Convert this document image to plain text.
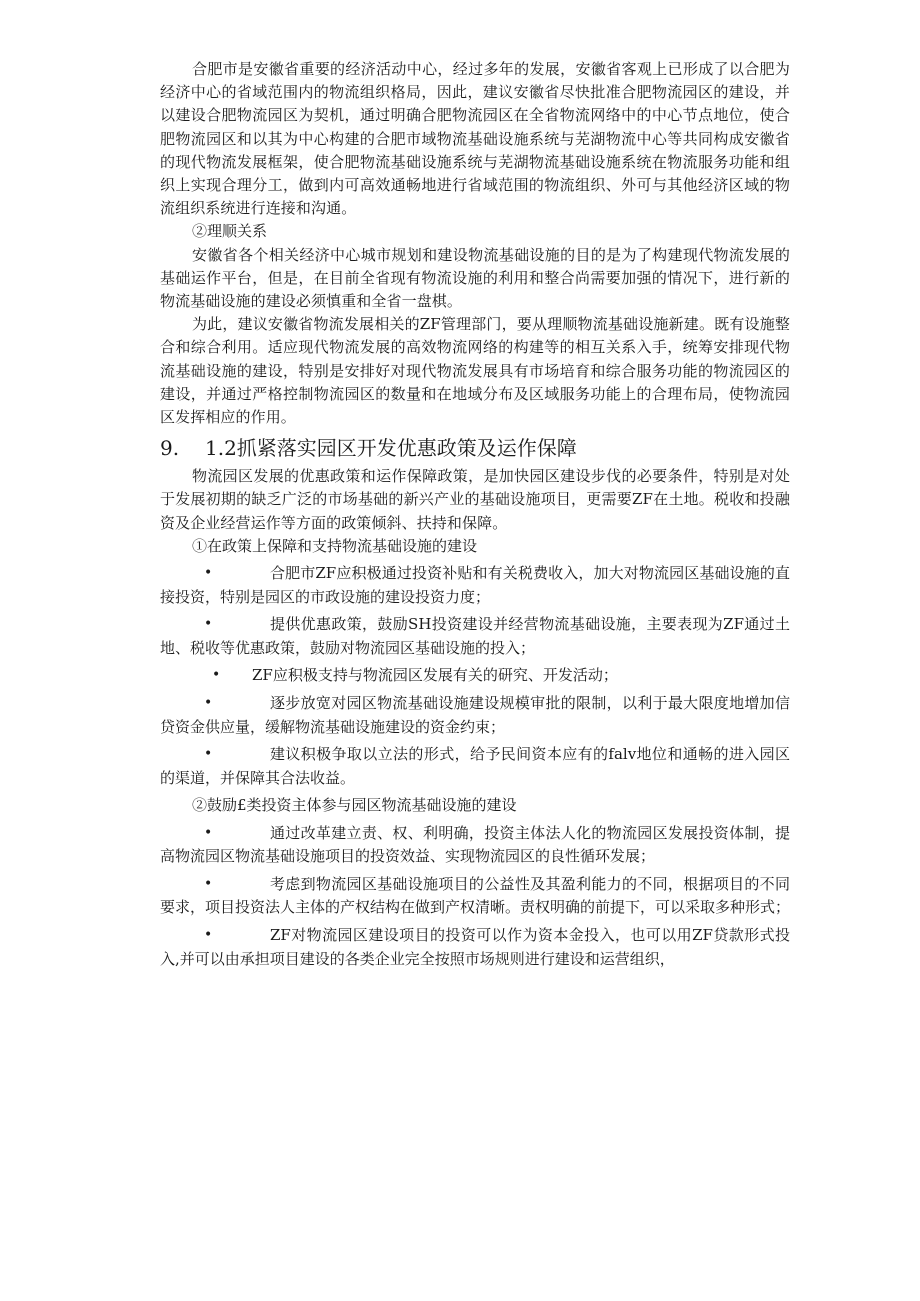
合肥市是安徽省重要的经济活动中心，经过多年的发展，安徽省客观上已形成了以合肥为经济中心的省域范围内的物流组织格局，因此，建议安徽省尽快批准合肥物流园区的建设，并以建设合肥物流园区为契机，通过明确合肥物流园区在全省物流网络中的中心节点地位，使合肥物流园区和以其为中心构建的合肥市域物流基础设施系统与芜湖物流中心等共同构成安徽省的现代物流发展框架，使合肥物流基础设施系统与芜湖物流基础设施系统在物流服务功能和组织上实现合理分工，做到内可高效通畅地进行省域范围的物流组织、外可与其他经济区域的物流组织系统进行连接和沟通。

②理顺关系

安徽省各个相关经济中心城市规划和建设物流基础设施的目的是为了构建现代物流发展的基础运作平台，但是，在目前全省现有物流设施的利用和整合尚需要加强的情况下，进行新的物流基础设施的建设必须慎重和全省一盘棋。

为此，建议安徽省物流发展相关的ZF管理部门，要从理顺物流基础设施新建。既有设施整合和综合利用。适应现代物流发展的高效物流网络的构建等的相互关系入手，统筹安排现代物流基础设施的建设，特别是安排好对现代物流发展具有市场培育和综合服务功能的物流园区的建设，并通过严格控制物流园区的数量和在地域分布及区域服务功能上的合理布局，使物流园区发挥相应的作用。

9.	1.2抓紧落实园区开发优惠政策及运作保障

物流园区发展的优惠政策和运作保障政策，是加快园区建设步伐的必要条件，特别是对处于发展初期的缺乏广泛的市场基础的新兴产业的基础设施项目，更需要ZF在土地。税收和投融资及企业经营运作等方面的政策倾斜、扶持和保障。

①在政策上保障和支持物流基础设施的建设

•	合肥市ZF应积极通过投资补贴和有关税费收入，加大对物流园区基础设施的直接投资，特别是园区的市政设施的建设投资力度；
•	提供优惠政策，鼓励SH投资建设并经营物流基础设施，主要表现为ZF通过土地、税收等优惠政策，鼓励对物流园区基础设施的投入；
• ZF应积极支持与物流园区发展有关的研究、开发活动；
•	逐步放宽对园区物流基础设施建设规模审批的限制，以利于最大限度地增加信贷资金供应量，缓解物流基础设施建设的资金约束；
•	建议积极争取以立法的形式，给予民间资本应有的falv地位和通畅的进入园区的渠道，并保障其合法收益。

②鼓励£类投资主体参与园区物流基础设施的建设

•	通过改革建立责、权、利明确，投资主体法人化的物流园区发展投资体制，提高物流园区物流基础设施项目的投资效益、实现物流园区的良性循环发展；
•	考虑到物流园区基础设施项目的公益性及其盈利能力的不同，根据项目的不同要求，项目投资法人主体的产权结构在做到产权清晰。责权明确的前提下，可以采取多种形式；
•	ZF对物流园区建设项目的投资可以作为资本金投入，也可以用ZF贷款形式投入,并可以由承担项目建设的各类企业完全按照市场规则进行建设和运营组织，
